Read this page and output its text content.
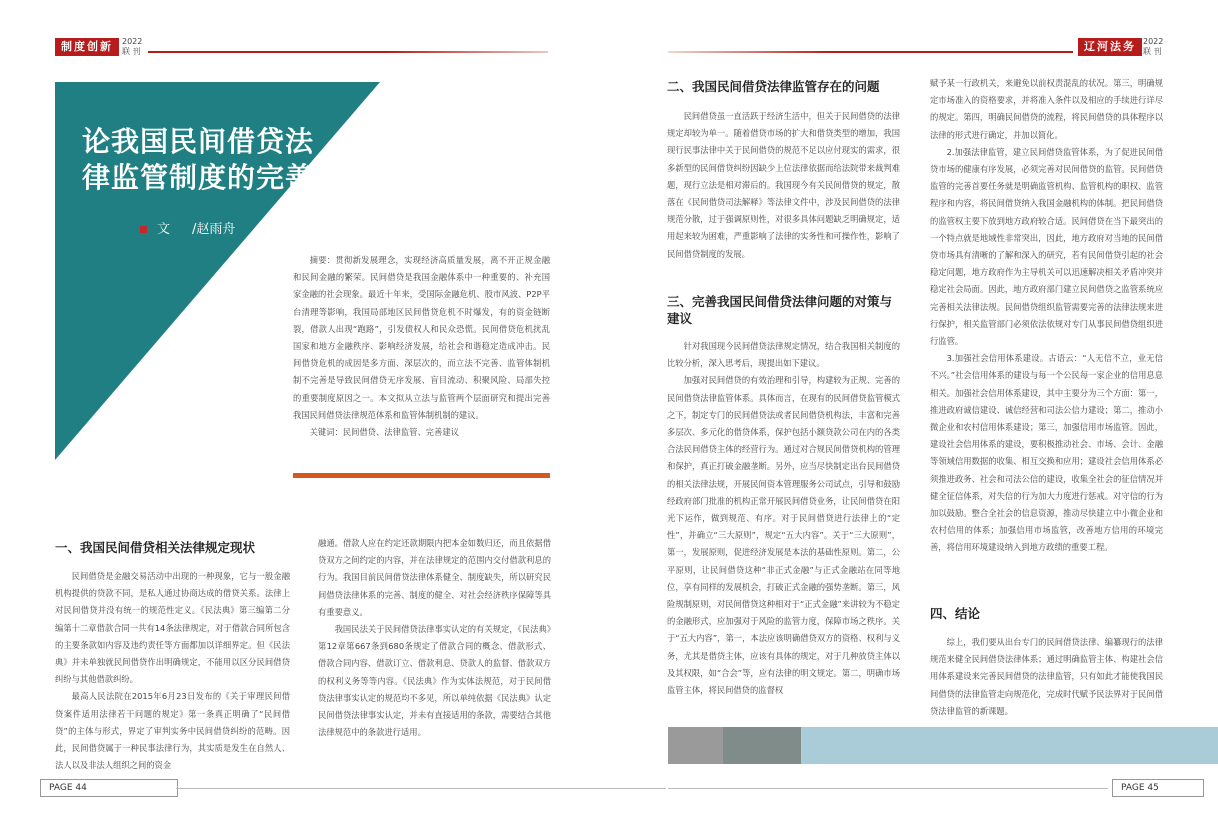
制度创新	2022
联 刊	辽河法务 2022
联 刊
论我国民间借贷法
律监管制度的完善
文 /赵雨舟

摘要：贯彻新发展理念，实现经济高质量发展，离不开正规金融和民间金融的繁荣。民间借贷是我国金融体系中一种重要的、补充国家金融的社会现象。最近十年来，受国际金融危机、股市风波、P2P平台清理等影响，我国局部地区民间借贷危机不时爆发，有的资金链断裂，借款人出现“跑路”，引发债权人和民众恐慌。民间借贷危机扰乱国家和地方金融秩序、影响经济发展，给社会和谐稳定造成冲击。民间借贷危机的成因是多方面、深层次的，而立法不完善、监管体制机制不完善是导致民间借贷无序发展、盲目流动、积聚风险、局部失控的重要制度原因之一。本文拟从立法与监管两个层面研究和提出完善我国民间借贷法律规范体系和监管体制机制的建议。

关键词：民间借贷、法律监管、完善建议

一、我国民间借贷相关法律规定现状

民间借贷是金融交易活动中出现的一种现象，它与一般金融机构提供的贷款不同，是私人通过协商达成的借贷关系。法律上对民间借贷并没有统一的规范性定义。《民法典》第三编第二分编第十二章借款合同一共有14条法律规定，对于借款合同所包含的主要条款如内容及违约责任等方面都加以详细界定。但《民法典》并未单独就民间借贷作出明确规定，不能用以区分民间借贷纠纷与其他借款纠纷。

最高人民法院在2015年6月23日发布的《关于审理民间借贷案件适用法律若干问题的规定》第一条真正明确了“民间借贷”的主体与形式，界定了审判实务中民间借贷纠纷的范畴。因此，民间借贷属于一种民事法律行为，其实质是发生在自然人、法人以及非法人组织之间的资金

融通。借款人应在约定还款期限内把本金如数归还，而且依据借贷双方之间约定的内容，并在法律规定的范围内交付借款利息的行为。我国目前民间借贷法律体系健全、制度缺失，所以研究民间借贷法律体系的完善、制度的健全、对社会经济秩序保障等具有重要意义。

我国民法关于民间借贷法律事实认定的有关规定，《民法典》第12章第667条到680条规定了借款合同的概念、借款形式、借款合同内容、借款订立、借款利息、贷款人的监督、借款双方的权利义务等等内容。《民法典》作为实体法规范，对于民间借贷法律事实认定的规范均不多见，所以单纯依据《民法典》认定民间借贷法律事实认定，并未有直接适用的条款，需要结合其他法律规范中的条款进行适用。

二、我国民间借贷法律监管存在的问题

民间借贷虽一直活跃于经济生活中，但关于民间借贷的法律规定却较为单一。随着借贷市场的扩大和借贷类型的增加，我国现行民事法律中关于民间借贷的规范不足以应付现实的需求，很多新型的民间借贷纠纷因缺少上位法律依据而给法院带来裁判难题，现行立法是相对滞后的。我国现今有关民间借贷的规定，散落在《民间借贷司法解释》等法律文件中，涉及民间借贷的法律规范分散，过于强调原则性，对很多具体问题缺乏明确规定，适用起来较为困难，严重影响了法律的实务性和可操作性，影响了民间借贷制度的发展。

三、完善我国民间借贷法律问题的对策与
建议

针对我国现今民间借贷法律规定情况，结合我国相关制度的比较分析，深入思考后，现提出如下建议。

加强对民间借贷的有效治理和引导，构建较为正规、完善的民间借贷法律监管体系。具体而言，在现有的民间借贷监管模式之下，制定专门的民间借贷法或者民间借贷机构法，丰富和完善多层次、多元化的借贷体系，保护包括小额贷款公司在内的各类合法民间借贷主体的经营行为。通过对合规民间借贷机构的管理和保护，真正打破金融垄断。另外，应当尽快制定出台民间借贷的相关法律法规，开展民间资本管理服务公司试点，引导和鼓励经政府部门批准的机构正常开展民间借贷业务，让民间借贷在阳光下运作，做到规范、有序。对于民间借贷进行法律上的“定性”，并确立“三大原则”，规定“五大内容”。关于“三大原则”，第一，发展原则，促进经济发展是本法的基础性原则。第二，公平原则，让民间借贷这种“非正式金融”与正式金融站在同等地位，享有同样的发展机会，打破正式金融的强势垄断。第三，风险规制原则，对民间借贷这种相对于“正式金融”来讲较为不稳定的金融形式，应加强对于风险的监管力度，保障市场之秩序。关于“五大内容”，第一，本法应该明确借贷双方的资格、权利与义务，尤其是借贷主体，应该有具体的规定，对于几种放贷主体以及其权限，如“合会”等，应有法律的明文规定。第二，明确市场监管主体，将民间借贷的监督权

赋予某一行政机关，来避免以前权责混乱的状况。第三，明确规定市场准入的资格要求，并将准入条件以及相应的手续进行详尽的规定。第四，明确民间借贷的流程，将民间借贷的具体程序以法律的形式进行确定，并加以简化。

2.加强法律监管，建立民间借贷监管体系，为了促进民间借贷市场的健康有序发展，必须完善对民间借贷的监管。民间借贷监管的完善首要任务就是明确监管机构、监管机构的职权、监管程序和内容，将民间借贷纳入我国金融机构的体制。把民间借贷的监管权主要下放到地方政府较合适。民间借贷在当下最突出的一个特点就是地域性非常突出，因此，地方政府对当地的民间借贷市场具有清晰的了解和深入的研究，若有民间借贷引起的社会稳定问题，地方政府作为主导机关可以迅速解决相关矛盾冲突并稳定社会局面。因此，地方政府部门建立民间借贷之监管系统应完善相关法律法规。民间借贷组织监管需要完善的法律法规来进行保护，相关监管部门必须依法依规对专门从事民间借贷组织进行监管。

3.加强社会信用体系建设。古语云：“人无信不立，业无信不兴。”社会信用体系的建设与每一个公民每一家企业的信用息息相关。加强社会信用体系建设，其中主要分为三个方面：第一，推进政府诚信建设、诚信经营和司法公信力建设；第二，推动小微企业和农村信用体系建设；第三，加强信用市场监管。因此，建设社会信用体系的建设，要积极推动社会、市场、会计、金融等领域信用数据的收集、相互交换和应用；建设社会信用体系必须推进政务、社会和司法公信的建设，收集全社会的征信情况并健全征信体系，对失信的行为加大力度进行惩戒。对守信的行为加以鼓励。整合全社会的信息资源，推动尽快建立中小微企业和农村信用的体系；加强信用市场监管，改善地方信用的环境完善，将信用环境建设纳入到地方政绩的重要工程。

四、结论

综上，我们要从出台专门的民间借贷法律、编纂现行的法律规范来健全民间借贷法律体系；通过明确监管主体、构建社会信用体系建设来完善民间借贷的法律监管，只有如此才能使我国民间借贷的法律监管走向规范化，完成时代赋予民法界对于民间借贷法律监管的新课题。

PAGE 44	PAGE 45
